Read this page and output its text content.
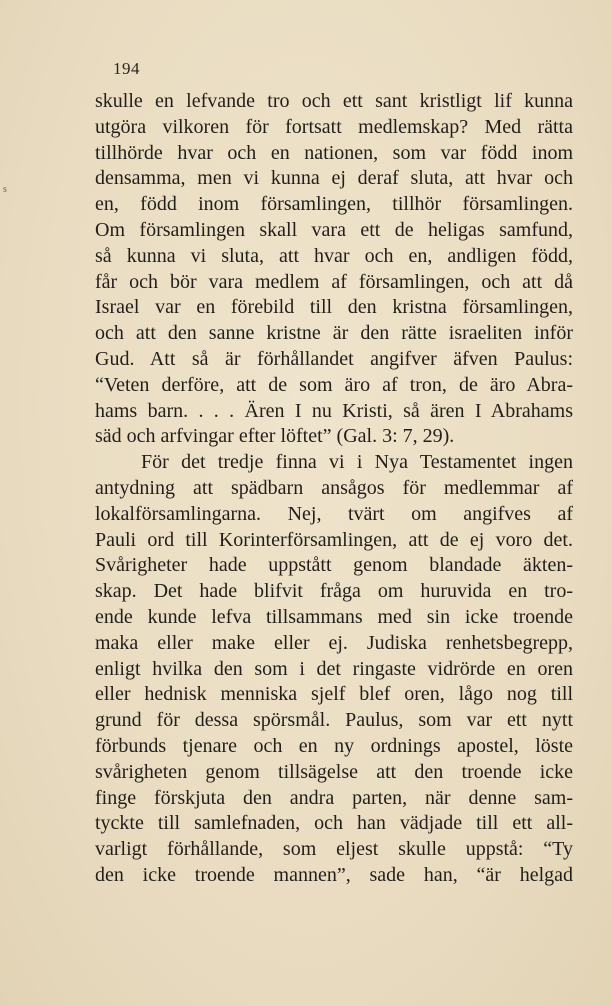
s
194
skulle en lefvande tro och ett sant kristligt lif kunna
utgöra vilkoren för fortsatt medlemskap? Med rätta
tillhörde hvar och en nationen, som var född inom
densamma, men vi kunna ej deraf sluta, att hvar och
en, född inom församlingen, tillhör församlingen.
Om församlingen skall vara ett de heligas samfund,
så kunna vi sluta, att hvar och en, andligen född,
får och bör vara medlem af församlingen, och att då
Israel var en förebild till den kristna församlingen,
och att den sanne kristne är den rätte israeliten inför
Gud. Att så är förhållandet angifver äfven Paulus:
“Veten derföre, att de som äro af tron, de äro Abra-
hams barn. . . . Ären I nu Kristi, så ären I Abrahams
säd och arfvingar efter löftet” (Gal. 3: 7, 29).
För det tredje finna vi i Nya Testamentet ingen
antydning att spädbarn ansågos för medlemmar af
lokalförsamlingarna. Nej, tvärt om angifves af
Pauli ord till Korinterförsamlingen, att de ej voro det.
Svårigheter hade uppstått genom blandade äkten-
skap. Det hade blifvit fråga om huruvida en tro-
ende kunde lefva tillsammans med sin icke troende
maka eller make eller ej. Judiska renhetsbegrepp,
enligt hvilka den som i det ringaste vidrörde en oren
eller hednisk menniska sjelf blef oren, lågo nog till
grund för dessa spörsmål. Paulus, som var ett nytt
förbunds tjenare och en ny ordnings apostel, löste
svårigheten genom tillsägelse att den troende icke
finge förskjuta den andra parten, när denne sam-
tyckte till samlefnaden, och han vädjade till ett all-
varligt förhållande, som eljest skulle uppstå: “Ty
den icke troende mannen”, sade han, “är helgad
